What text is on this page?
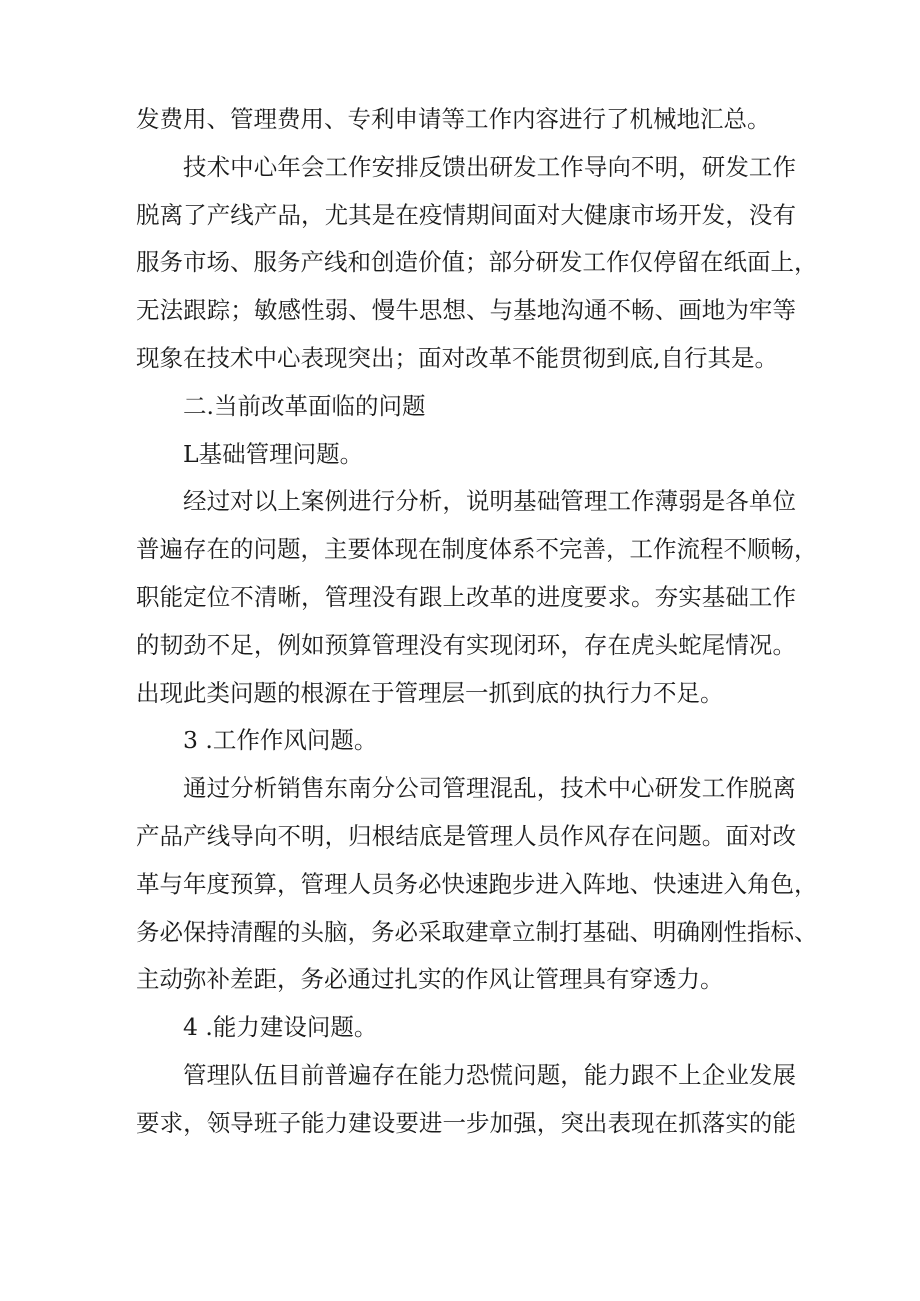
发费用、管理费用、专利申请等工作内容进行了机械地汇总。
技术中心年会工作安排反馈出研发工作导向不明，研发工作
脱离了产线产品，尤其是在疫情期间面对大健康市场开发，没有
服务市场、服务产线和创造价值；部分研发工作仅停留在纸面上，
无法跟踪；敏感性弱、慢牛思想、与基地沟通不畅、画地为牢等
现象在技术中心表现突出；面对改革不能贯彻到底,自行其是。
二.当前改革面临的问题
L基础管理问题。
经过对以上案例进行分析，说明基础管理工作薄弱是各单位
普遍存在的问题，主要体现在制度体系不完善，工作流程不顺畅，
职能定位不清晰，管理没有跟上改革的进度要求。夯实基础工作
的韧劲不足，例如预算管理没有实现闭环，存在虎头蛇尾情况。
出现此类问题的根源在于管理层一抓到底的执行力不足。
3 .工作作风问题。
通过分析销售东南分公司管理混乱，技术中心研发工作脱离
产品产线导向不明，归根结底是管理人员作风存在问题。面对改
革与年度预算，管理人员务必快速跑步进入阵地、快速进入角色，
务必保持清醒的头脑，务必采取建章立制打基础、明确刚性指标、
主动弥补差距，务必通过扎实的作风让管理具有穿透力。
4 .能力建设问题。
管理队伍目前普遍存在能力恐慌问题，能力跟不上企业发展
要求，领导班子能力建设要进一步加强，突出表现在抓落实的能
